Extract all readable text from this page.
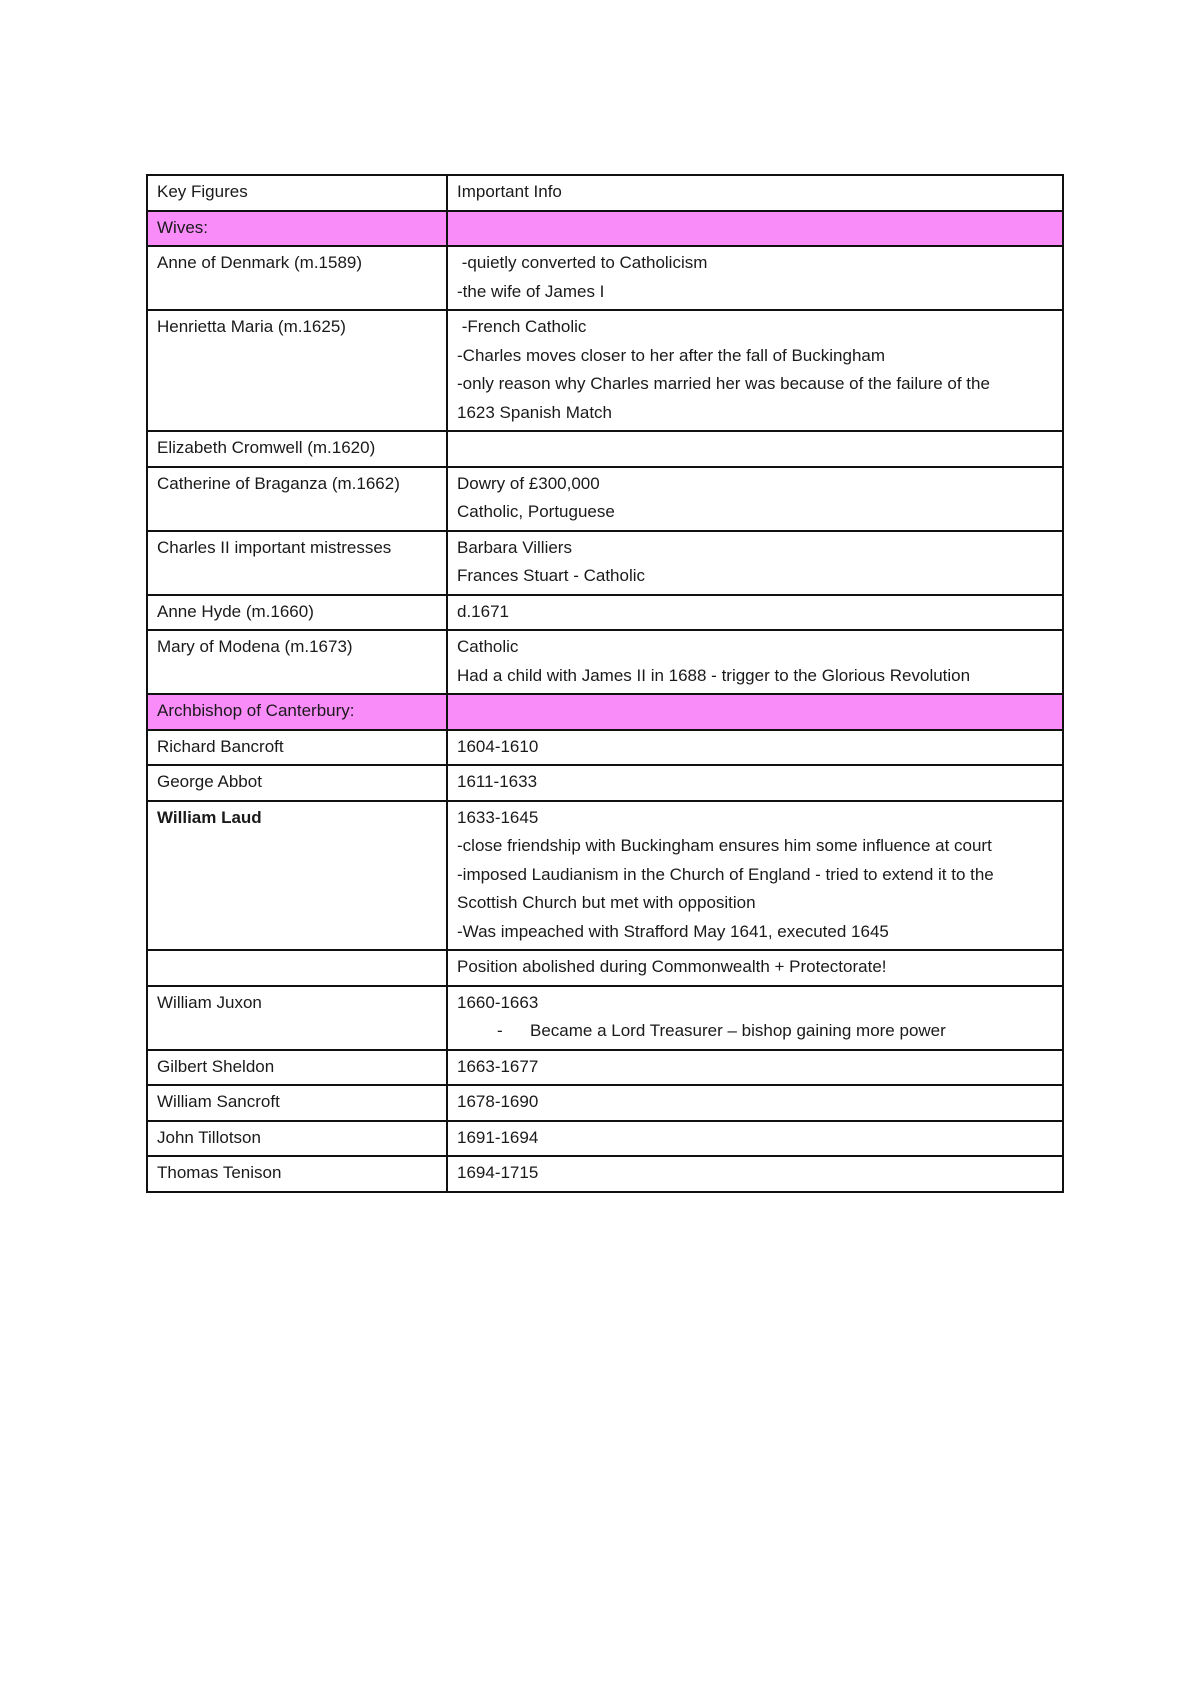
Key Figures	Important Info
Wives:	
Anne of Denmark (m.1589)	-quietly converted to Catholicism
-the wife of James I

Henrietta Maria (m.1625)	-French Catholic
-Charles moves closer to her after the fall of Buckingham
-only reason why Charles married her was because of the failure of the
1623 Spanish Match

Elizabeth Cromwell (m.1620)	
Catherine of Braganza (m.1662)	Dowry of £300,000
Catholic, Portuguese

Charles II important mistresses	Barbara Villiers
Frances Stuart - Catholic

Anne Hyde (m.1660)	d.1671

Mary of Modena (m.1673)	Catholic
Had a child with James II in 1688 - trigger to the Glorious Revolution

Archbishop of Canterbury:	
Richard Bancroft	1604-1610

George Abbot	1611-1633

William Laud	1633-1645
-close friendship with Buckingham ensures him some influence at court
-imposed Laudianism in the Church of England - tried to extend it to the
Scottish Church but met with opposition
-Was impeached with Strafford May 1641, executed 1645

	Position abolished during Commonwealth + Protectorate!

William Juxon	1660-1663
- Became a Lord Treasurer – bishop gaining more power

Gilbert Sheldon	1663-1677

William Sancroft	1678-1690

John Tillotson	1691-1694

Thomas Tenison	1694-1715
